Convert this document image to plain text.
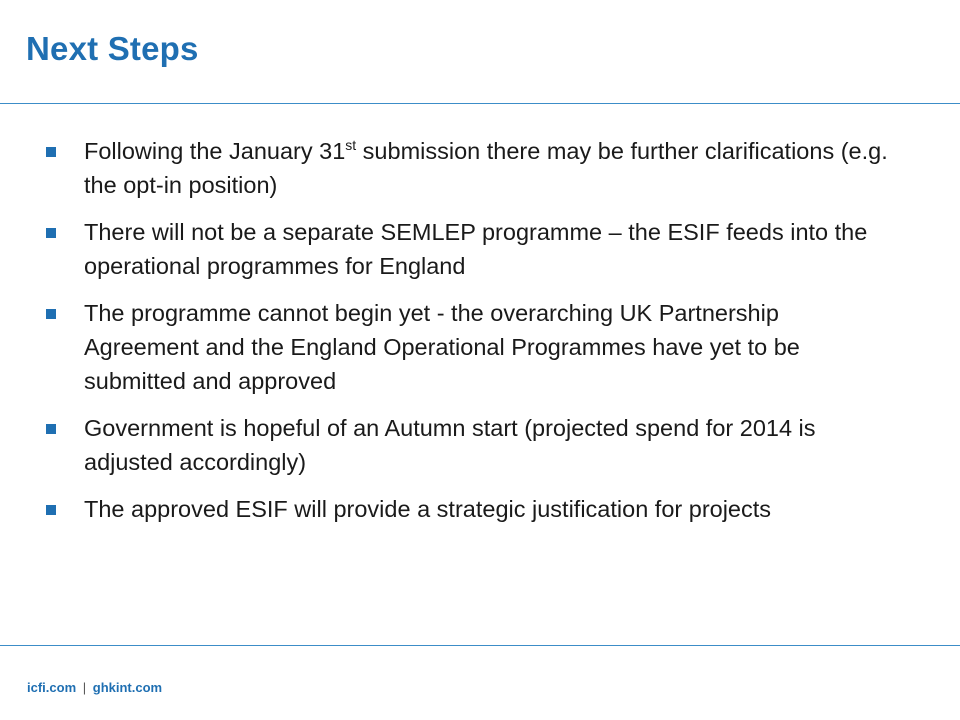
Next Steps
Following the January 31st submission there may be further clarifications (e.g. the opt-in position)
There will not be a separate SEMLEP programme – the ESIF feeds into the operational programmes for England
The programme cannot begin yet - the overarching UK Partnership Agreement and the England Operational Programmes have yet to be submitted and approved
Government is hopeful of an Autumn start (projected spend for 2014 is adjusted accordingly)
The approved ESIF will provide a strategic justification for projects
icfi.com | ghkint.com
